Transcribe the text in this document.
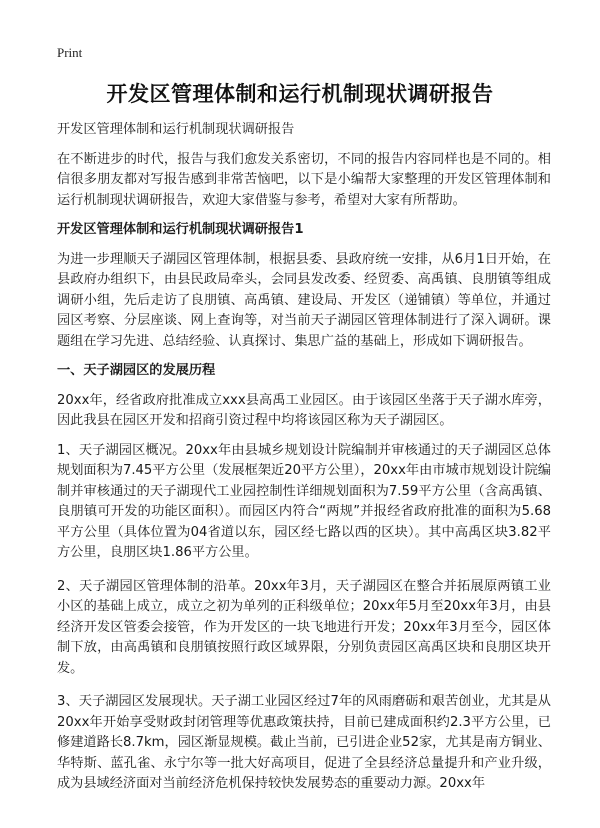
Print
开发区管理体制和运行机制现状调研报告

开发区管理体制和运行机制现状调研报告

在不断进步的时代，报告与我们愈发关系密切，不同的报告内容同样也是不同的。相信很多朋友都对写报告感到非常苦恼吧，以下是小编帮大家整理的开发区管理体制和运行机制现状调研报告，欢迎大家借鉴与参考，希望对大家有所帮助。

开发区管理体制和运行机制现状调研报告1

为进一步理顺天子湖园区管理体制，根据县委、县政府统一安排，从6月1日开始，在县政府办组织下，由县民政局牵头，会同县发改委、经贸委、高禹镇、良朋镇等组成调研小组，先后走访了良朋镇、高禹镇、建设局、开发区（递铺镇）等单位，并通过园区考察、分层座谈、网上查询等，对当前天子湖园区管理体制进行了深入调研。课题组在学习先进、总结经验、认真探讨、集思广益的基础上，形成如下调研报告。

一、天子湖园区的发展历程

20xx年，经省政府批准成立xxx县高禹工业园区。由于该园区坐落于天子湖水库旁，因此我县在园区开发和招商引资过程中均将该园区称为天子湖园区。

1、天子湖园区概况。20xx年由县城乡规划设计院编制并审核通过的天子湖园区总体规划面积为7.45平方公里（发展框架近20平方公里），20xx年由市城市规划设计院编制并审核通过的天子湖现代工业园控制性详细规划面积为7.59平方公里（含高禹镇、良朋镇可开发的功能区面积）。而园区内符合“两规”并报经省政府批准的面积为5.68平方公里（具体位置为04省道以东，园区经七路以西的区块）。其中高禹区块3.82平方公里，良朋区块1.86平方公里。

2、天子湖园区管理体制的沿革。20xx年3月，天子湖园区在整合并拓展原两镇工业小区的基础上成立，成立之初为单列的正科级单位；20xx年5月至20xx年3月，由县经济开发区管委会接管，作为开发区的一块飞地进行开发；20xx年3月至今，园区体制下放，由高禹镇和良朋镇按照行政区域界限，分别负责园区高禹区块和良朋区块开发。

3、天子湖园区发展现状。天子湖工业园区经过7年的风雨磨砺和艰苦创业，尤其是从20xx年开始享受财政封闭管理等优惠政策扶持，目前已建成面积约2.3平方公里，已修建道路长8.7km，园区渐显规模。截止当前，已引进企业52家，尤其是南方铜业、华特斯、蓝孔雀、永宁尔等一批大好高项目，促进了全县经济总量提升和产业升级，成为县域经济面对当前经济危机保持较快发展势态的重要动力源。20xx年
